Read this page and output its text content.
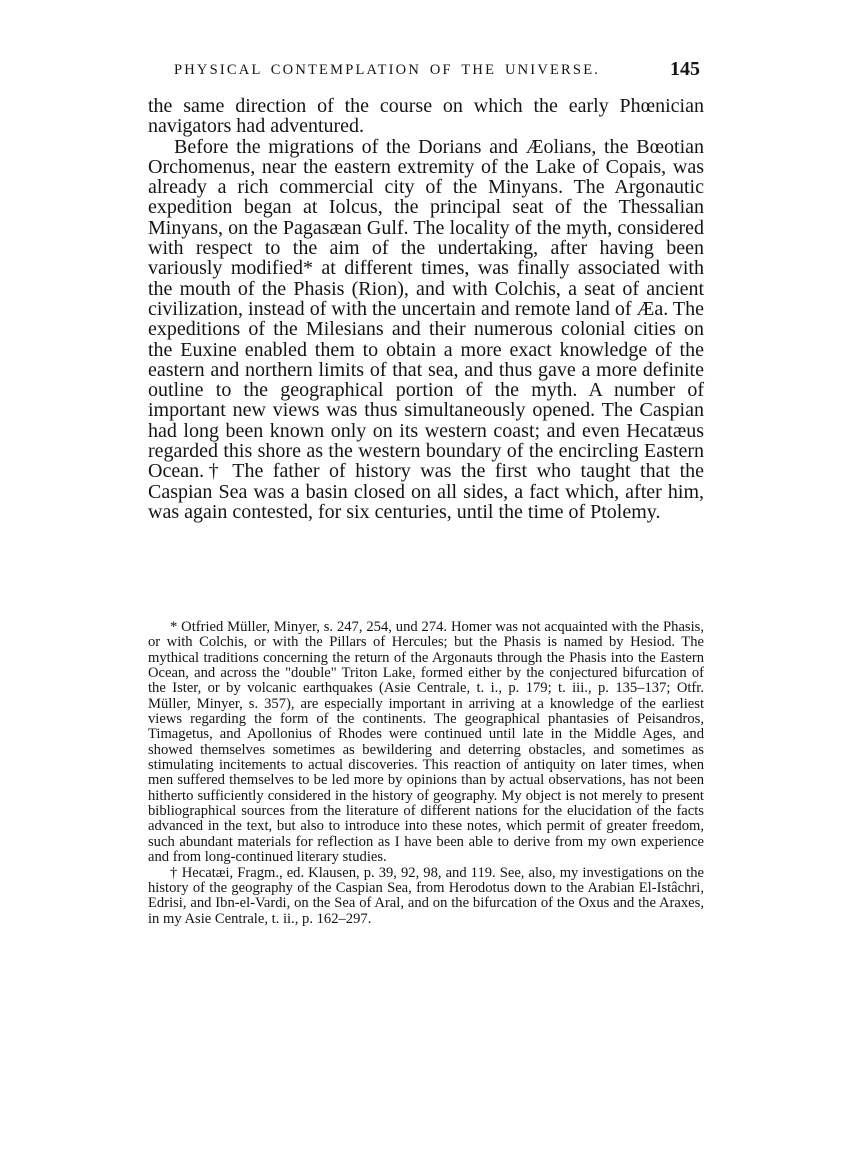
PHYSICAL CONTEMPLATION OF THE UNIVERSE.	145

the same direction of the course on which the early Phœnician navigators had adventured.

Before the migrations of the Dorians and Æolians, the Bœotian Orchomenus, near the eastern extremity of the Lake of Copais, was already a rich commercial city of the Minyans. The Argonautic expedition began at Iolcus, the principal seat of the Thessalian Minyans, on the Pagasæan Gulf. The locality of the myth, considered with respect to the aim of the undertaking, after having been variously modified* at different times, was finally associated with the mouth of the Phasis (Rion), and with Colchis, a seat of ancient civilization, instead of with the uncertain and remote land of Æa. The expeditions of the Milesians and their numerous colonial cities on the Euxine enabled them to obtain a more exact knowledge of the eastern and northern limits of that sea, and thus gave a more definite outline to the geographical portion of the myth. A number of important new views was thus simultaneously opened. The Caspian had long been known only on its western coast; and even Hecatæus regarded this shore as the western boundary of the encircling Eastern Ocean.† The father of history was the first who taught that the Caspian Sea was a basin closed on all sides, a fact which, after him, was again contested, for six centuries, until the time of Ptolemy.

* Otfried Müller, Minyer, s. 247, 254, und 274. Homer was not acquainted with the Phasis, or with Colchis, or with the Pillars of Hercules; but the Phasis is named by Hesiod. The mythical traditions concerning the return of the Argonauts through the Phasis into the Eastern Ocean, and across the "double" Triton Lake, formed either by the conjectured bifurcation of the Ister, or by volcanic earthquakes (Asie Centrale, t. i., p. 179; t. iii., p. 135–137; Otfr. Müller, Minyer, s. 357), are especially important in arriving at a knowledge of the earliest views regarding the form of the continents. The geographical phantasies of Peisandros, Timagetus, and Apollonius of Rhodes were continued until late in the Middle Ages, and showed themselves sometimes as bewildering and deterring obstacles, and sometimes as stimulating incitements to actual discoveries. This reaction of antiquity on later times, when men suffered themselves to be led more by opinions than by actual observations, has not been hitherto sufficiently considered in the history of geography. My object is not merely to present bibliographical sources from the literature of different nations for the elucidation of the facts advanced in the text, but also to introduce into these notes, which permit of greater freedom, such abundant materials for reflection as I have been able to derive from my own experience and from long-continued literary studies.

† Hecatæi, Fragm., ed. Klausen, p. 39, 92, 98, and 119. See, also, my investigations on the history of the geography of the Caspian Sea, from Herodotus down to the Arabian El-Istâchri, Edrisi, and Ibn-el-Vardi, on the Sea of Aral, and on the bifurcation of the Oxus and the Araxes, in my Asie Centrale, t. ii., p. 162–297.
